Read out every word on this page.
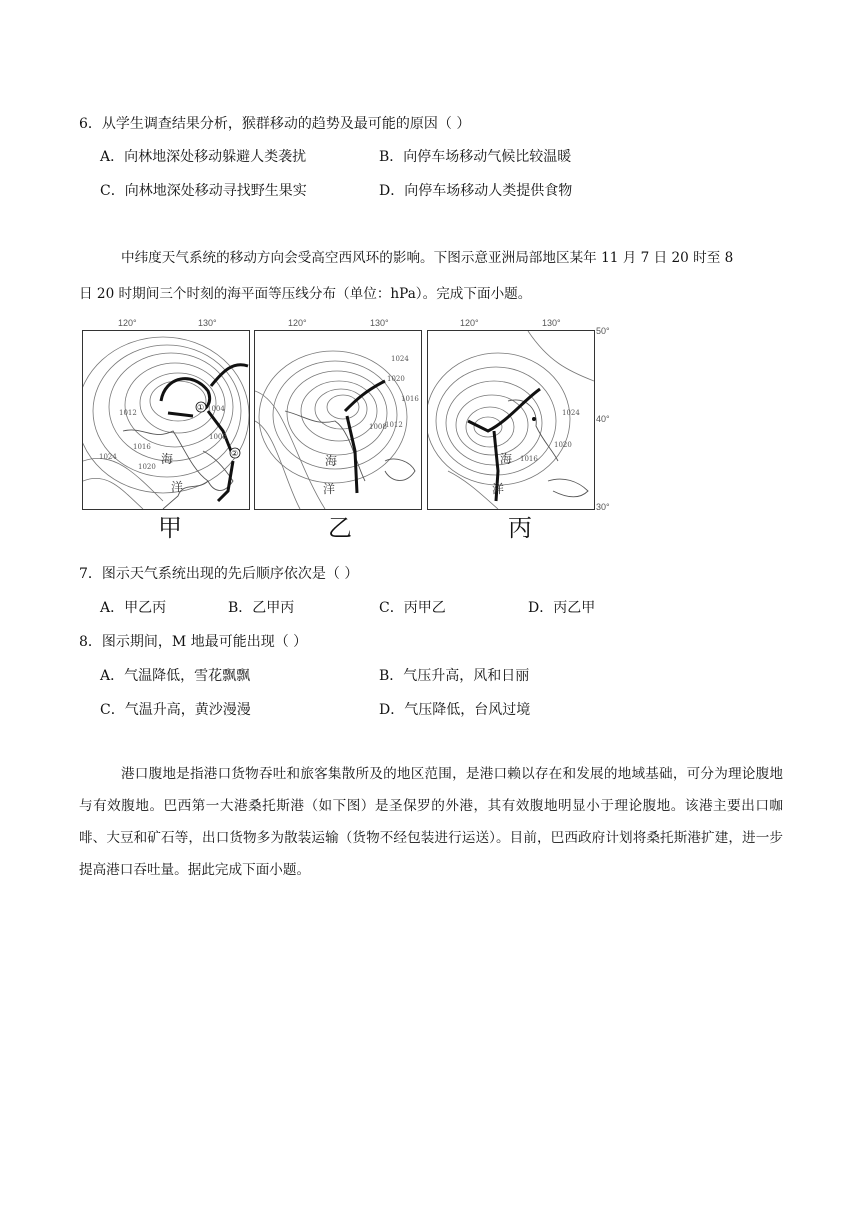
6．从学生调查结果分析，猴群移动的趋势及最可能的原因（ ）
A．向林地深处移动躲避人类袭扰	B．向停车场移动气候比较温暖
C．向林地深处移动寻找野生果实	D．向停车场移动人类提供食物
中纬度天气系统的移动方向会受高空西风环的影响。下图示意亚洲局部地区某年 11 月 7 日 20 时至 8
日 20 时期间三个时刻的海平面等压线分布（单位：hPa）。完成下面小题。
120°	130°
①
②
1012	1004
1008
1016
1020
1024	海
洋
甲
120°	130°
1024
1020
1016
1012
1008
海
洋
乙
120°	130°
50°
40°
30°
1024
1020
1016
海
洋
丙
7．图示天气系统出现的先后顺序依次是（ ）
A．甲乙丙	B．乙甲丙	C．丙甲乙	D．丙乙甲
8．图示期间，M 地最可能出现（ ）
A．气温降低，雪花飘飘	B．气压升高，风和日丽
C．气温升高，黄沙漫漫	D．气压降低，台风过境
港口腹地是指港口货物吞吐和旅客集散所及的地区范围，是港口赖以存在和发展的地域基础，可分为理论腹地与有效腹地。巴西第一大港桑托斯港（如下图）是圣保罗的外港，其有效腹地明显小于理论腹地。该港主要出口咖啡、大豆和矿石等，出口货物多为散装运输（货物不经包装进行运送）。目前，巴西政府计划将桑托斯港扩建，进一步提高港口吞吐量。据此完成下面小题。
